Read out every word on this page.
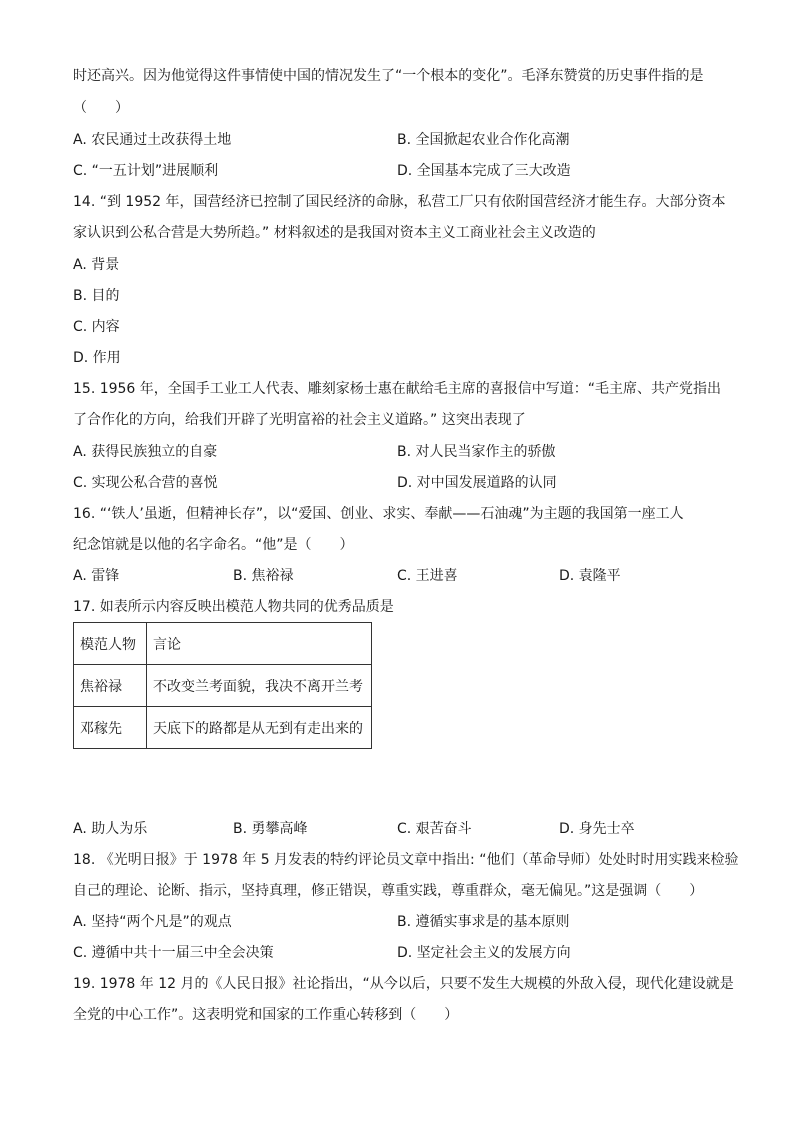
时还高兴。因为他觉得这件事情使中国的情况发生了“一个根本的变化”。毛泽东赞赏的历史事件指的是
（　　）
A. 农民通过土改获得土地	B. 全国掀起农业合作化高潮
C. “一五计划”进展顺利	D. 全国基本完成了三大改造
14. “到 1952 年，国营经济已控制了国民经济的命脉，私营工厂只有依附国营经济才能生存。大部分资本
家认识到公私合营是大势所趋。” 材料叙述的是我国对资本主义工商业社会主义改造的
A. 背景
B. 目的
C. 内容
D. 作用
15. 1956 年，全国手工业工人代表、雕刻家杨士惠在献给毛主席的喜报信中写道：“毛主席、共产党指出
了合作化的方向，给我们开辟了光明富裕的社会主义道路。” 这突出表现了
A. 获得民族独立的自豪	B. 对人民当家作主的骄傲
C. 实现公私合营的喜悦	D. 对中国发展道路的认同
16. “‘铁人’虽逝，但精神长存”，以“爱国、创业、求实、奉献——石油魂”为主题的我国第一座工人
纪念馆就是以他的名字命名。“他”是（　　）
A. 雷锋	B. 焦裕禄	C. 王进喜	D. 袁隆平
17. 如表所示内容反映出模范人物共同的优秀品质是
模范人物	言论
焦裕禄	不改变兰考面貌，我决不离开兰考
邓稼先	天底下的路都是从无到有走出来的
A. 助人为乐	B. 勇攀高峰	C. 艰苦奋斗	D. 身先士卒
18. 《光明日报》于 1978 年 5 月发表的特约评论员文章中指出: “他们（革命导师）处处时时用实践来检验
自己的理论、论断、指示，坚持真理，修正错误，尊重实践，尊重群众，毫无偏见。”这是强调（　　）
A. 坚持“两个凡是”的观点	B. 遵循实事求是的基本原则
C. 遵循中共十一届三中全会决策	D. 坚定社会主义的发展方向
19. 1978 年 12 月的《人民日报》社论指出，“从今以后，只要不发生大规模的外敌入侵，现代化建设就是
全党的中心工作”。这表明党和国家的工作重心转移到（　　）
